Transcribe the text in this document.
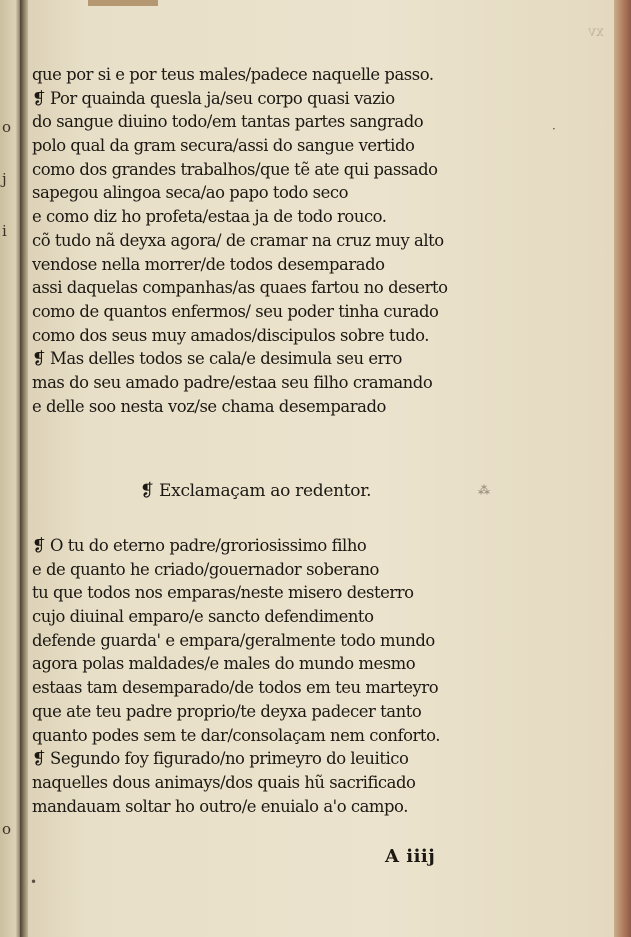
o
j
i
o
xv
que por si e por teus males/padece naquelle passo.
❡ Por quainda quesla ja/seu corpo quasi vazio
do sangue diuino todo/em tantas partes sangrado
polo qual da gram secura/assi do sangue vertido
como dos grandes trabalhos/que tẽ ate qui passado
sapegou alingoa seca/ao papo todo seco
e como diz ho profeta/estaa ja de todo rouco.
cõ tudo nã deyxa agora/ de cramar na cruz muy alto
vendose nella morrer/de todos desemparado
assi daquelas companhas/as quaes fartou no deserto
como de quantos enfermos/ seu poder tinha curado
como dos seus muy amados/discipulos sobre tudo.
❡ Mas delles todos se cala/e desimula seu erro
mas do seu amado padre/estaa seu filho cramando
e delle soo nesta voz/se chama desemparado
❡ Exclamaçam ao redentor.	⁂
❡ O tu do eterno padre/groriosissimo filho
e de quanto he criado/gouernador soberano
tu que todos nos emparas/neste misero desterro
cujo diuinal emparo/e sancto defendimento
defende guarda' e empara/geralmente todo mundo
agora polas maldades/e males do mundo mesmo
estaas tam desemparado/de todos em teu marteyro
que ate teu padre proprio/te deyxa padecer tanto
quanto podes sem te dar/consolaçam nem conforto.
❡ Segundo foy figurado/no primeyro do leuitico
naquelles dous animays/dos quais hũ sacrificado
mandauam soltar ho outro/e enuialo a'o campo.
A iiij
·
•
